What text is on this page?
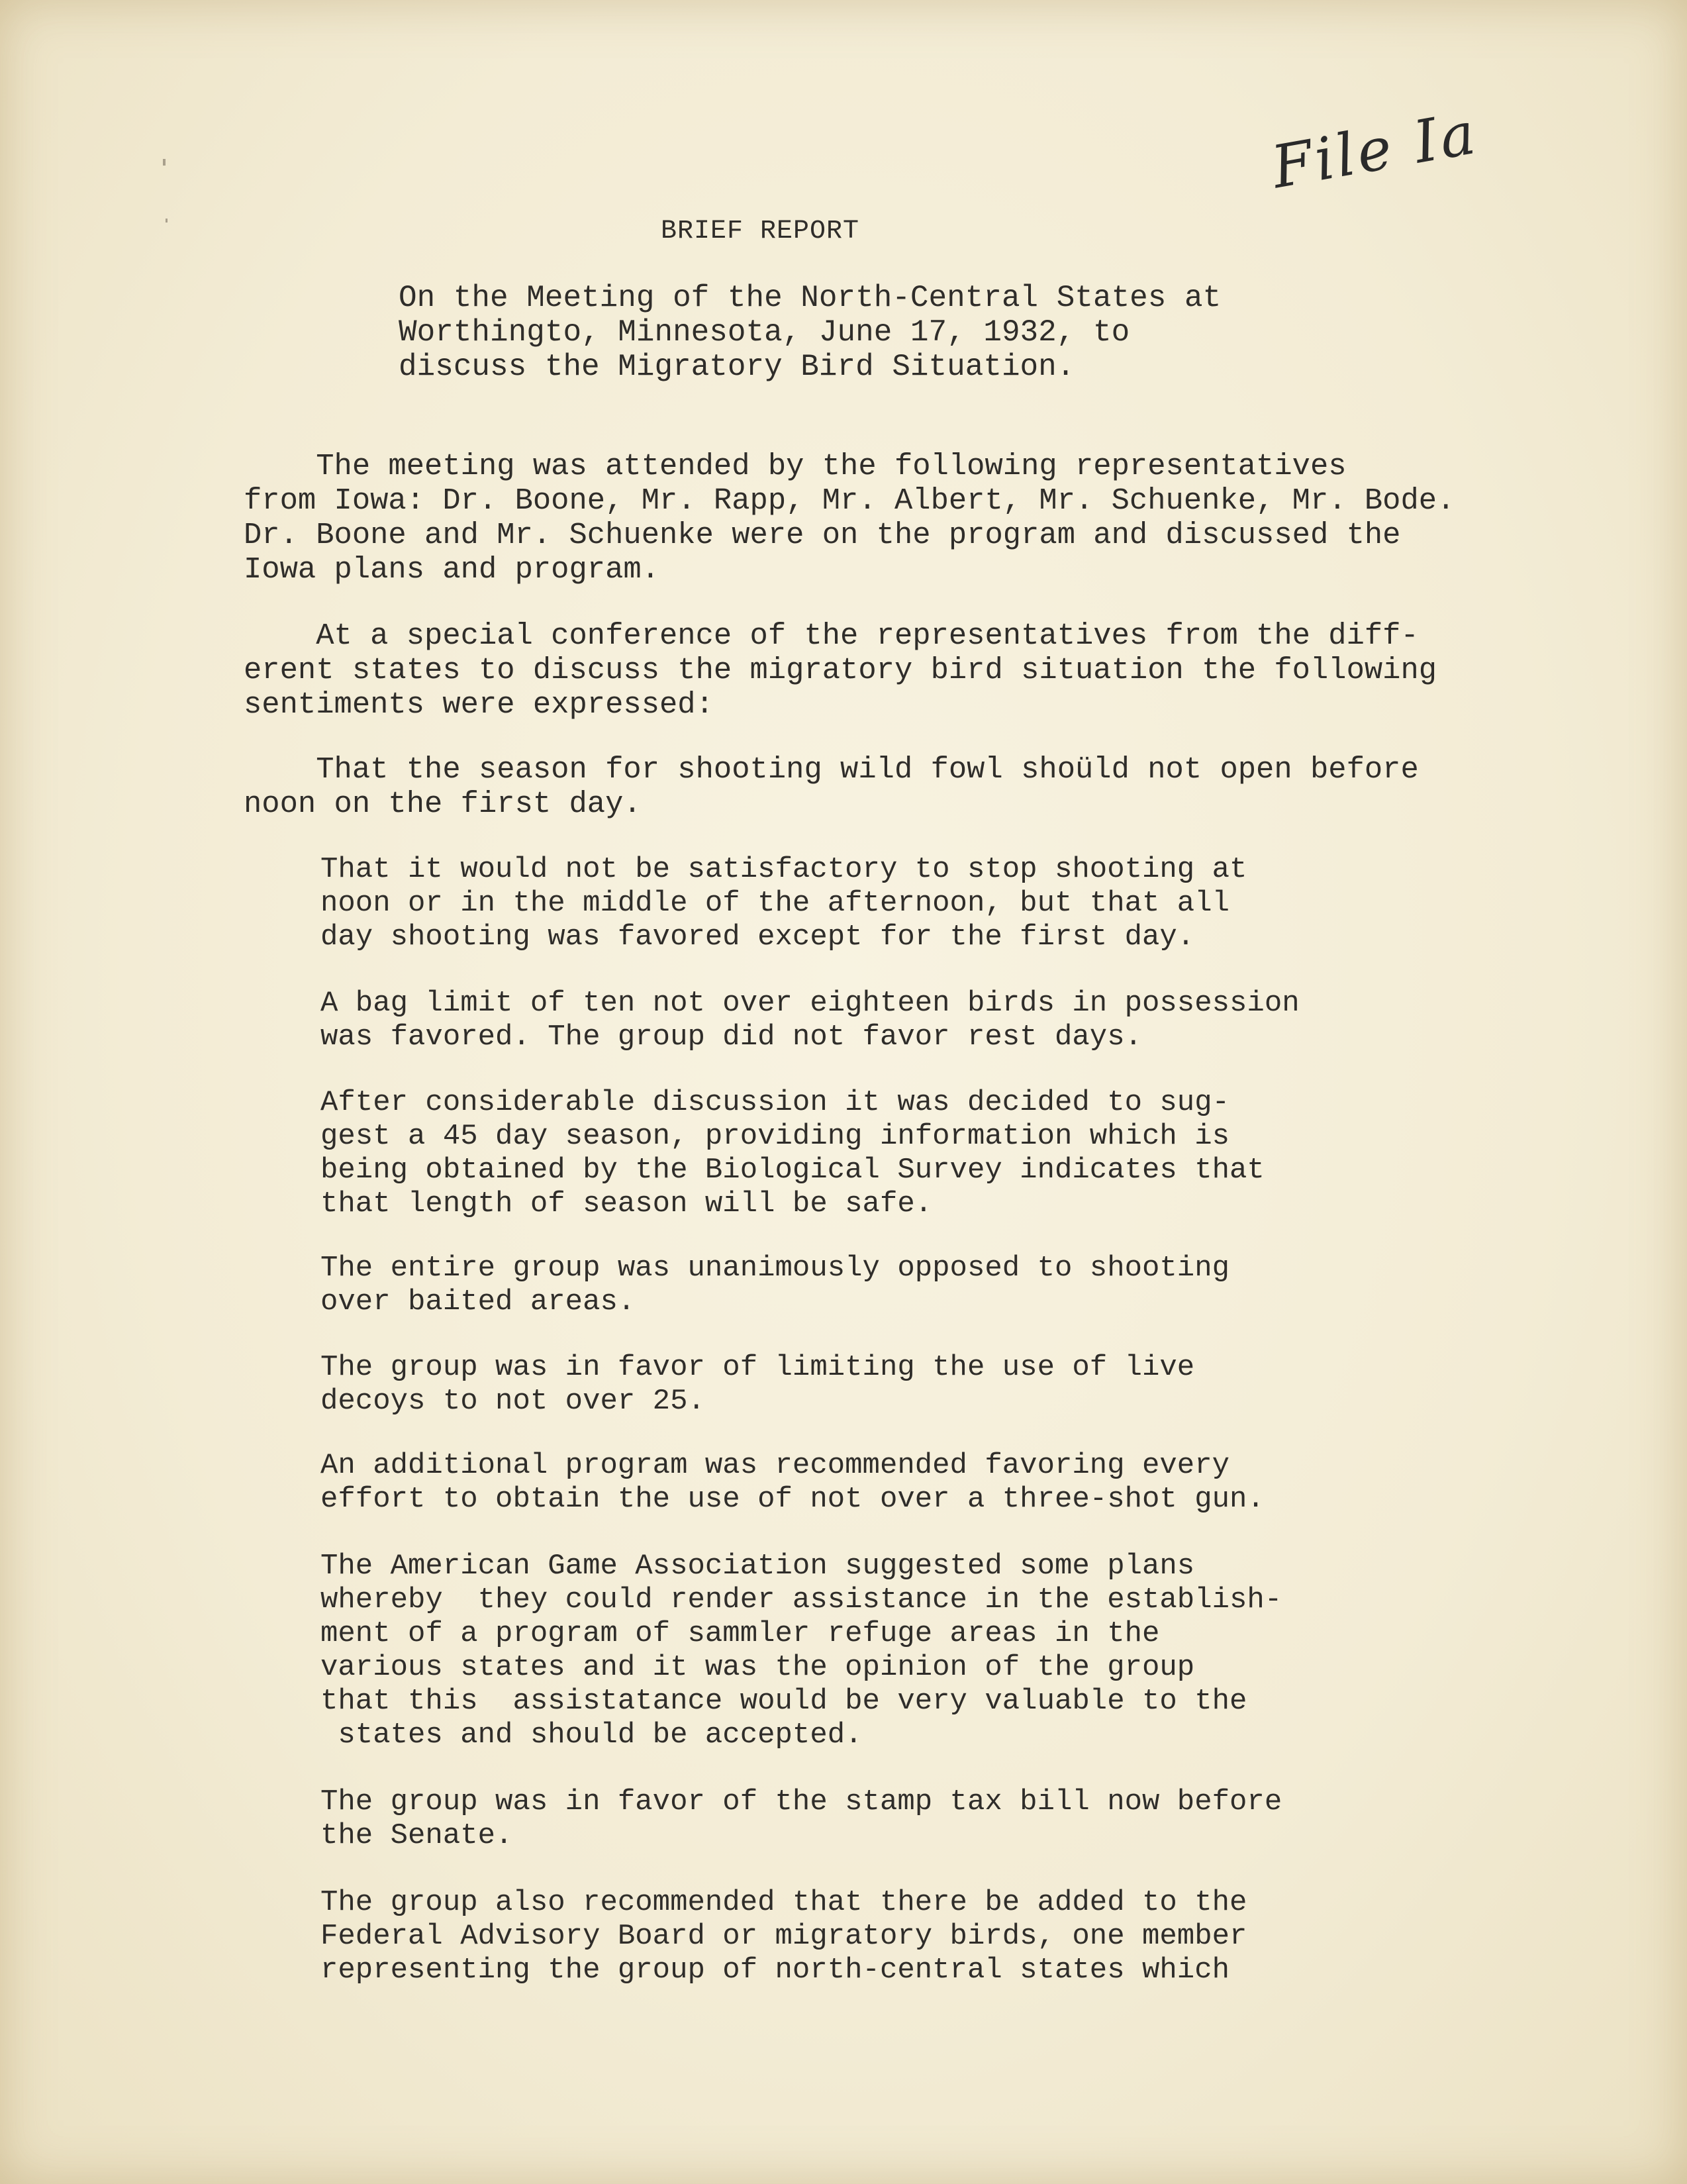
File Ia
BRIEF REPORT
On the Meeting of the North-Central States at
Worthingto, Minnesota, June 17, 1932, to
discuss the Migratory Bird Situation.
The meeting was attended by the following representatives
from Iowa: Dr. Boone, Mr. Rapp, Mr. Albert, Mr. Schuenke, Mr. Bode.
Dr. Boone and Mr. Schuenke were on the program and discussed the
Iowa plans and program.
At a special conference of the representatives from the diff-
erent states to discuss the migratory bird situation the following
sentiments were expressed:
That the season for shooting wild fowl shoüld not open before
noon on the first day.
That it would not be satisfactory to stop shooting at
noon or in the middle of the afternoon, but that all
day shooting was favored except for the first day.
A bag limit of ten not over eighteen birds in possession
was favored. The group did not favor rest days.
After considerable discussion it was decided to sug-
gest a 45 day season, providing information which is
being obtained by the Biological Survey indicates that
that length of season will be safe.
The entire group was unanimously opposed to shooting
over baited areas.
The group was in favor of limiting the use of live
decoys to not over 25.
An additional program was recommended favoring every
effort to obtain the use of not over a three-shot gun.
The American Game Association suggested some plans
whereby  they could render assistance in the establish-
ment of a program of sammler refuge areas in the
various states and it was the opinion of the group
that this  assistatance would be very valuable to the
states and should be accepted.
The group was in favor of the stamp tax bill now before
the Senate.
The group also recommended that there be added to the
Federal Advisory Board or migratory birds, one member
representing the group of north-central states which
